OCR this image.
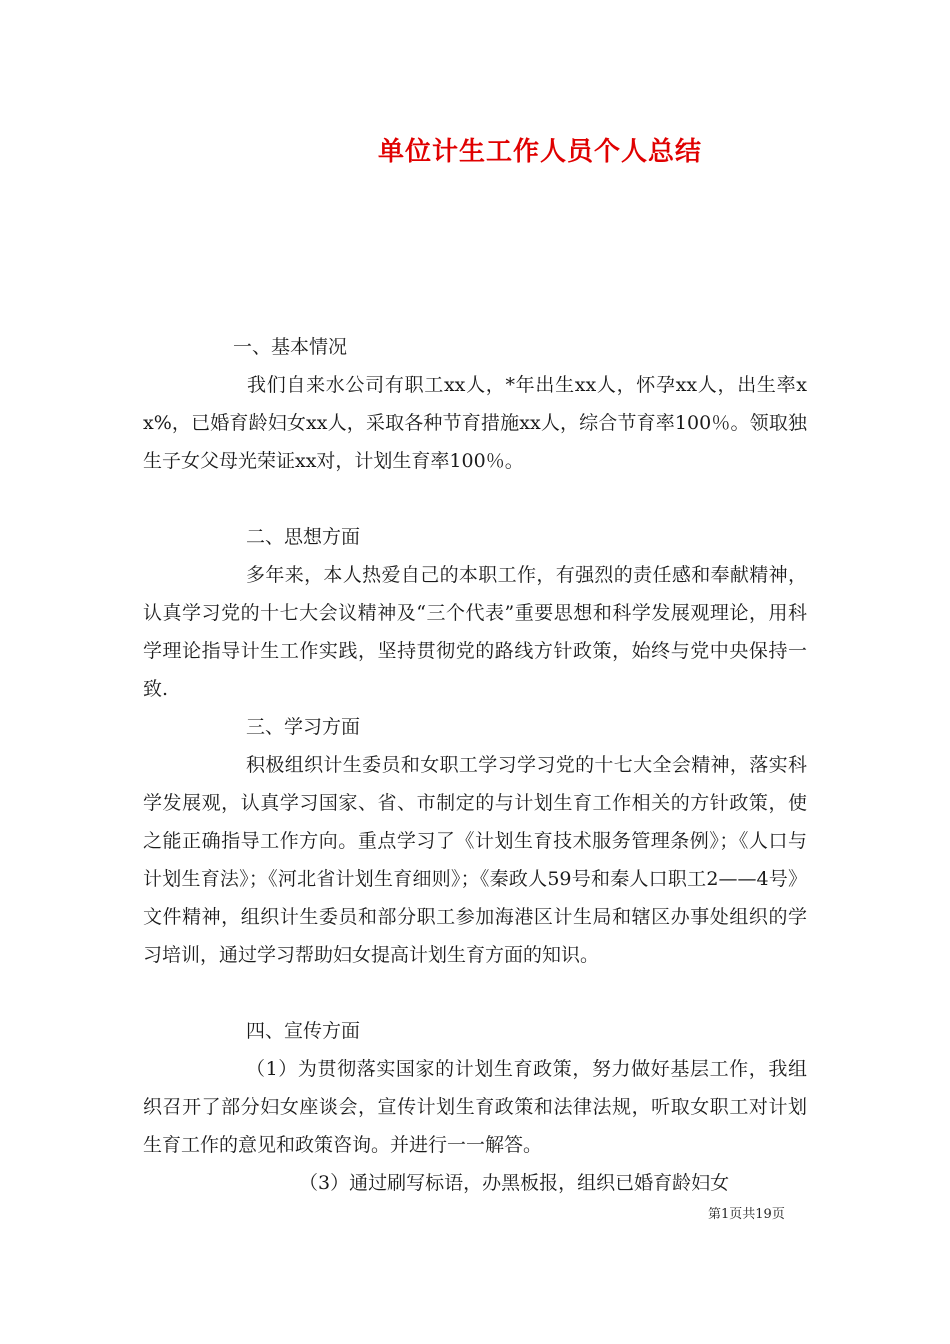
单位计生工作人员个人总结
一、基本情况
我们自来水公司有职工xx人，*年出生xx人，怀孕xx人，出生率xx%，已婚育龄妇女xx人，采取各种节育措施xx人，综合节育率100％。领取独生子女父母光荣证xx对，计划生育率100％。
二、思想方面
多年来，本人热爱自己的本职工作，有强烈的责任感和奉献精神，认真学习党的十七大会议精神及“三个代表”重要思想和科学发展观理论，用科学理论指导计生工作实践，坚持贯彻党的路线方针政策，始终与党中央保持一致.
三、学习方面
积极组织计生委员和女职工学习学习党的十七大全会精神，落实科学发展观，认真学习国家、省、市制定的与计划生育工作相关的方针政策，使之能正确指导工作方向。重点学习了《计划生育技术服务管理条例》；《人口与计划生育法》；《河北省计划生育细则》；《秦政人59号和秦人口职工2——4号》文件精神，组织计生委员和部分职工参加海港区计生局和辖区办事处组织的学习培训，通过学习帮助妇女提高计划生育方面的知识。
四、宣传方面
（1）为贯彻落实国家的计划生育政策，努力做好基层工作，我组织召开了部分妇女座谈会，宣传计划生育政策和法律法规，听取女职工对计划生育工作的意见和政策咨询。并进行一一解答。
（3）通过刷写标语，办黑板报，组织已婚育龄妇女
第1页共19页
